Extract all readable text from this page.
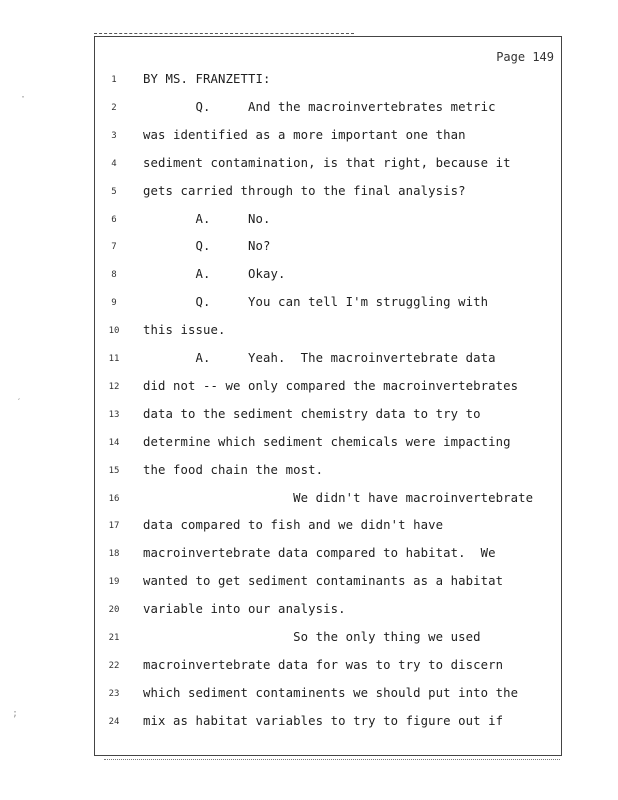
·
ˊ
;
Page 149
1	BY MS. FRANZETTI:
2	Q.     And the macroinvertebrates metric
3	was identified as a more important one than
4	sediment contamination, is that right, because it
5	gets carried through to the final analysis?
6	A.     No.
7	Q.     No?
8	A.     Okay.
9	Q.     You can tell I'm struggling with
10	this issue.
11	A.     Yeah.  The macroinvertebrate data
12	did not -- we only compared the macroinvertebrates
13	data to the sediment chemistry data to try to
14	determine which sediment chemicals were impacting
15	the food chain the most.
16	We didn't have macroinvertebrate
17	data compared to fish and we didn't have
18	macroinvertebrate data compared to habitat.  We
19	wanted to get sediment contaminants as a habitat
20	variable into our analysis.
21	So the only thing we used
22	macroinvertebrate data for was to try to discern
23	which sediment contaminents we should put into the
24	mix as habitat variables to try to figure out if
